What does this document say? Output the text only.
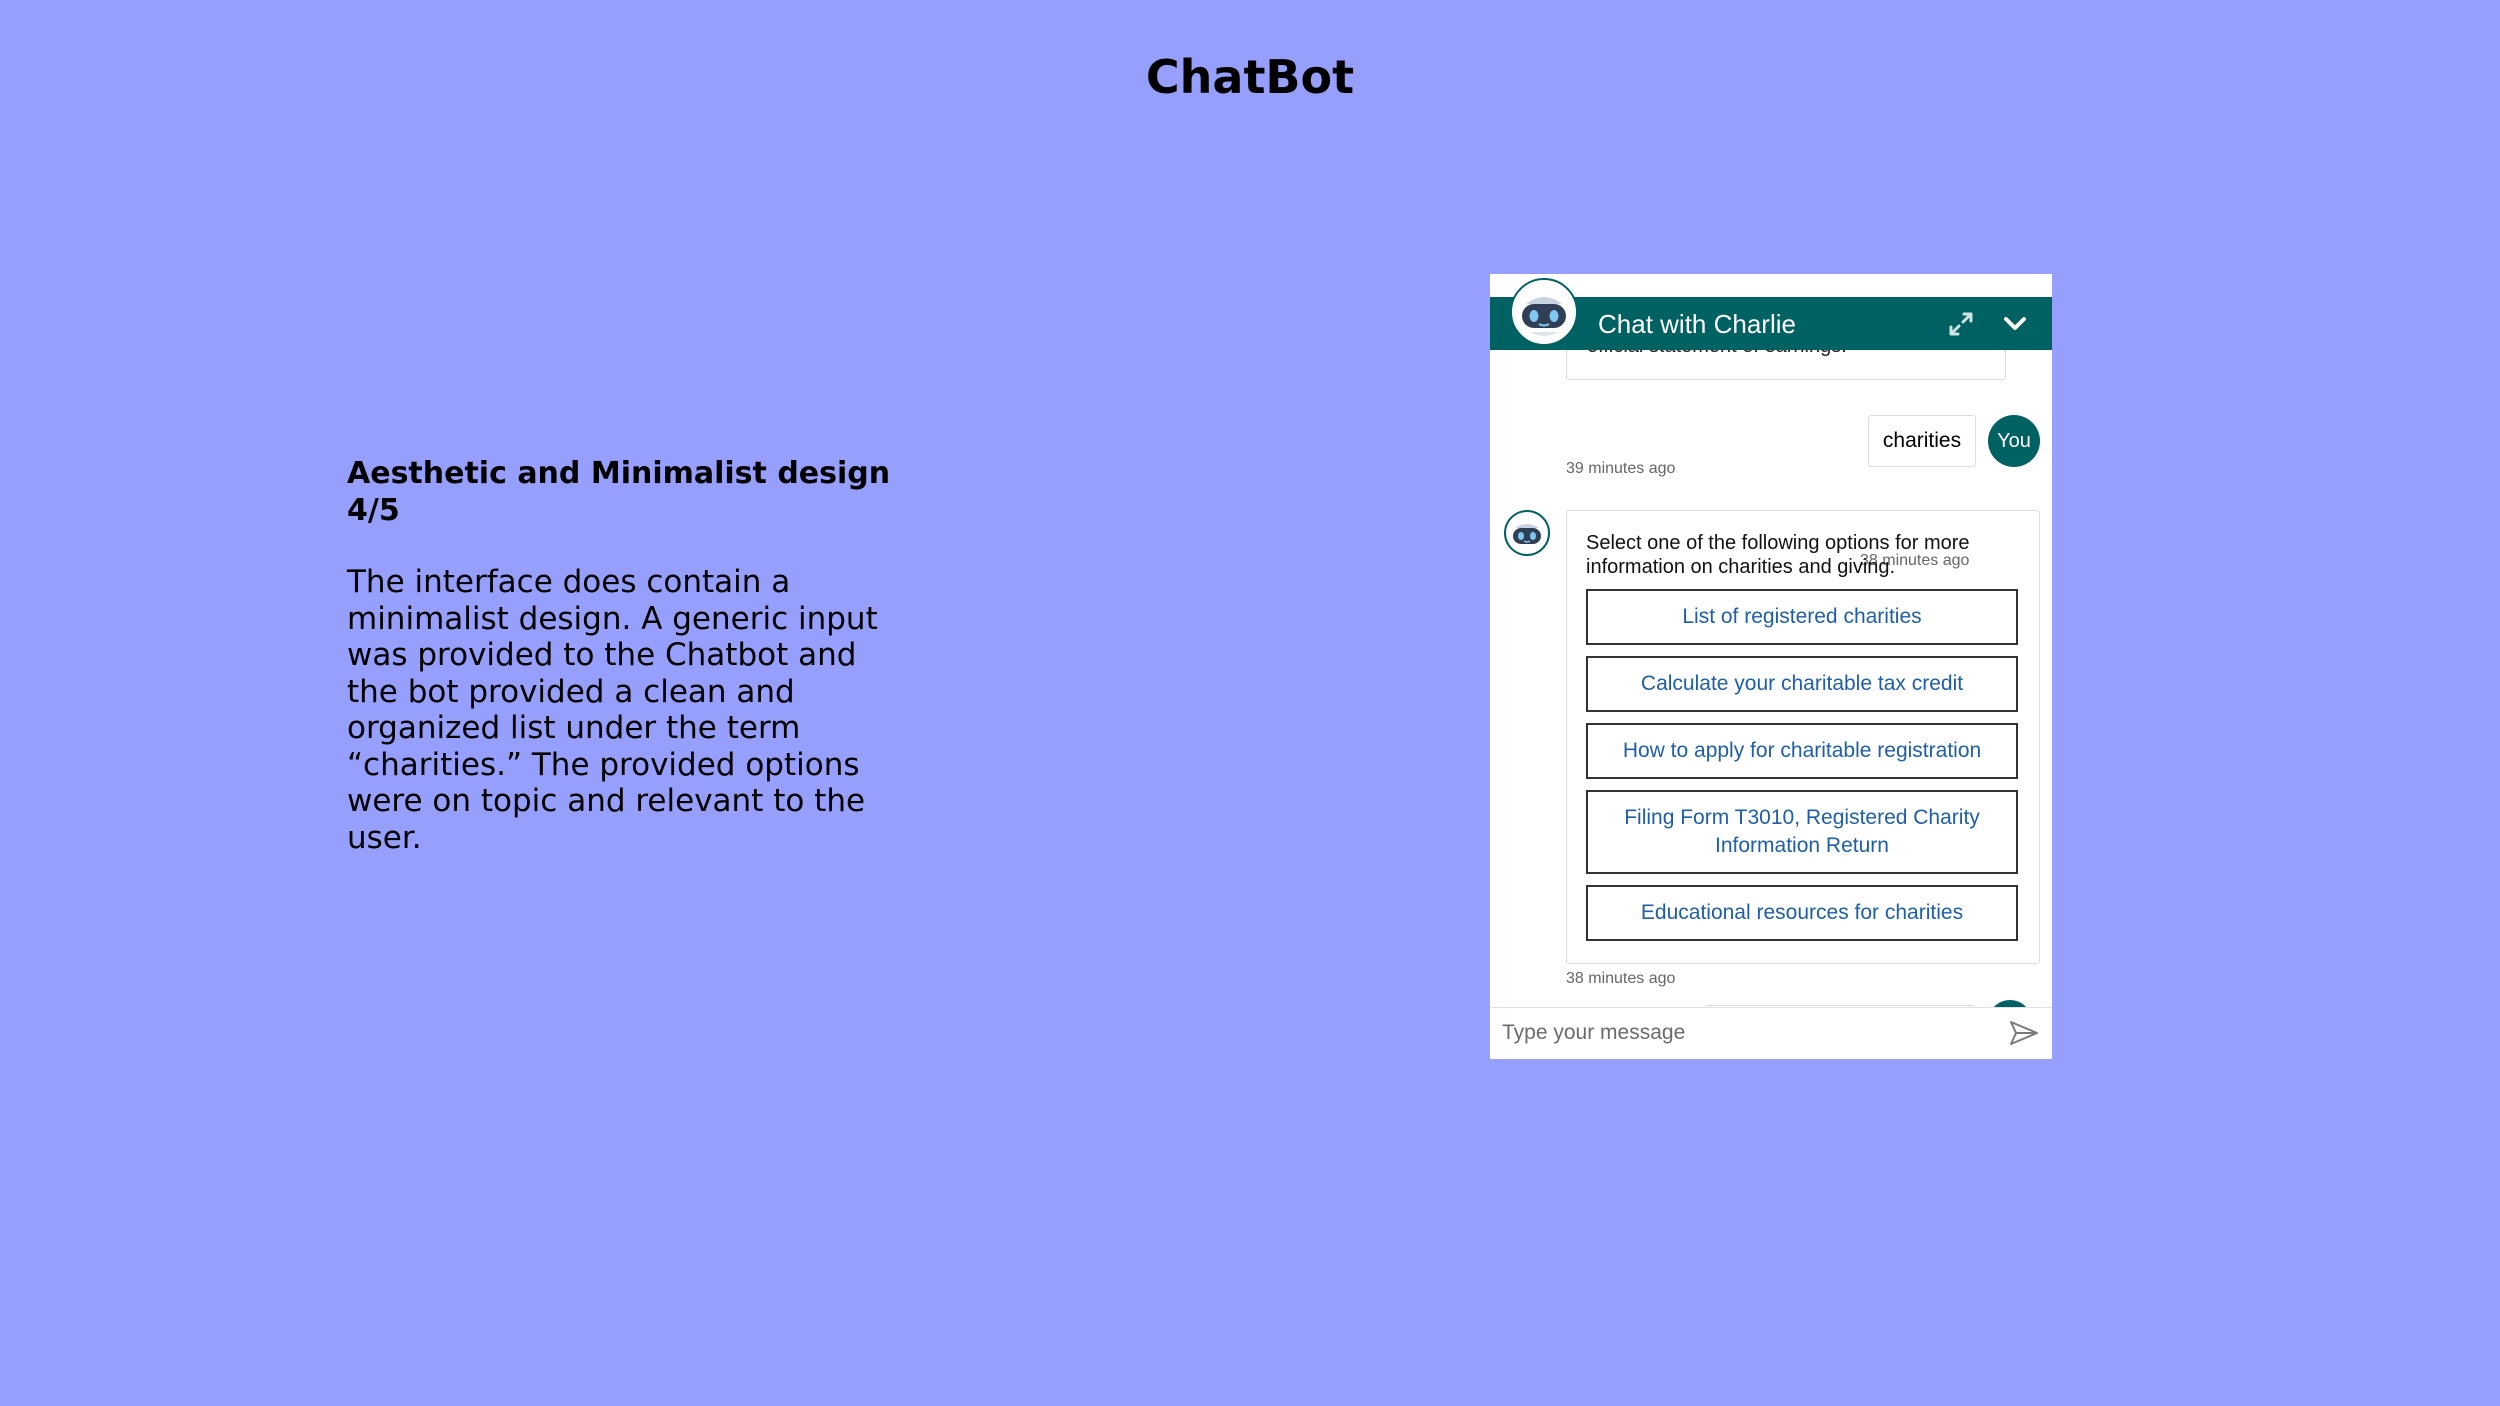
ChatBot
Aesthetic and Minimalist design
4/5

The interface does contain a minimalist design. A generic input was provided to the Chatbot and the bot provided a clean and organized list under the term “charities.” The provided options were on topic and relevant to the user.

39 minutes ago
charities	You
38 minutes ago
Select one of the following options for more information on charities and giving.
List of registered charities
Calculate your charitable tax credit
How to apply for charitable registration
Filing Form T3010, Registered Charity Information Return
Educational resources for charities
38 minutes ago
Chat with Charlie
Type your message
